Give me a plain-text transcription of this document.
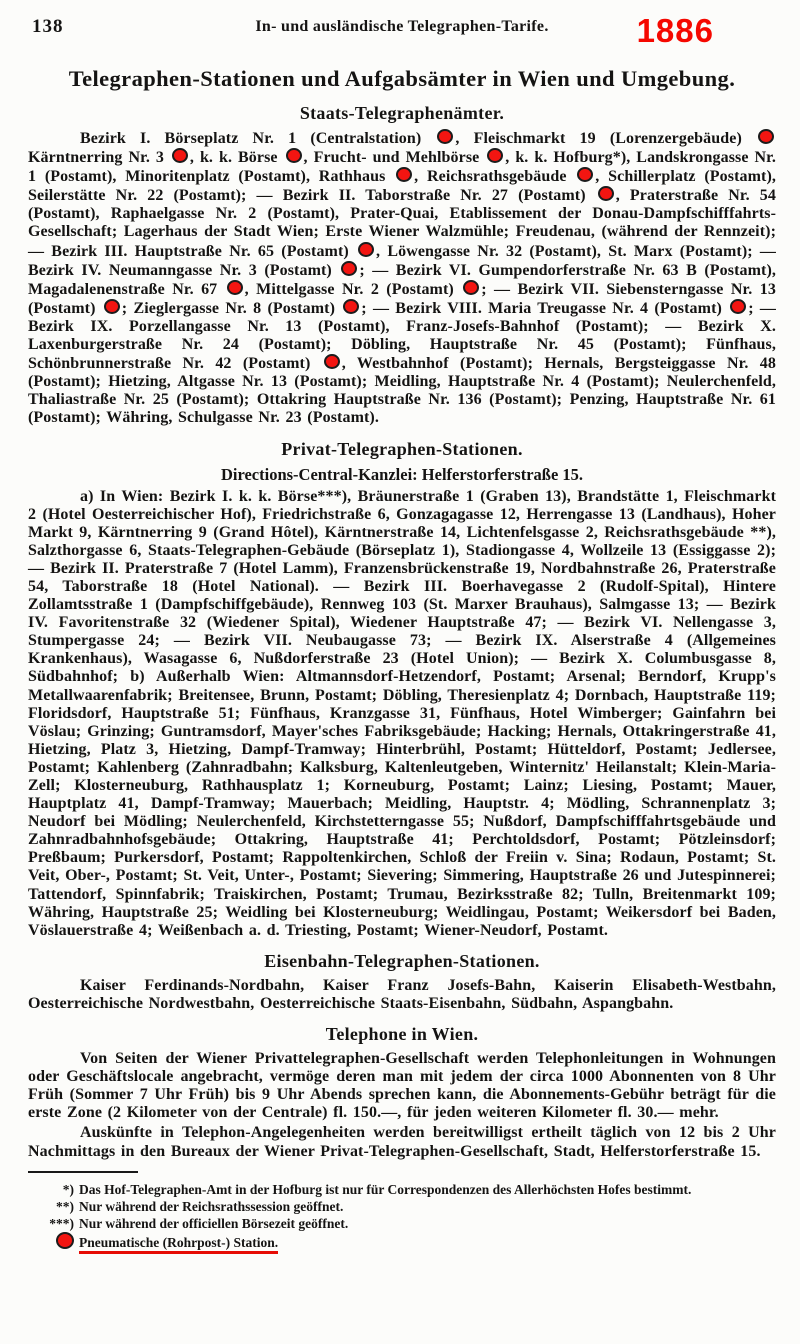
138	In- und ausländische Telegraphen-Tarife.	1886
Telegraphen-Stationen und Aufgabsämter in Wien und Umgebung.
Staats-Telegraphenämter.

Bezirk I. Börseplatz Nr. 1 (Centralstation) , Fleischmarkt 19 (Lorenzergebäude)  Kärntnerring Nr. 3 , k. k. Börse , Frucht- und Mehlbörse , k. k. Hofburg*), Landskrongasse Nr. 1 (Postamt), Minoritenplatz (Postamt), Rathhaus , Reichsrathsgebäude , Schillerplatz (Postamt), Seilerstätte Nr. 22 (Postamt); — Bezirk II. Taborstraße Nr. 27 (Postamt) , Praterstraße Nr. 54 (Postamt), Raphaelgasse Nr. 2 (Postamt), Prater-Quai, Etablissement der Donau-Dampfschifffahrts-Gesellschaft; Lagerhaus der Stadt Wien; Erste Wiener Walzmühle; Freudenau, (während der Rennzeit); — Bezirk III. Hauptstraße Nr. 65 (Postamt) , Löwengasse Nr. 32 (Postamt), St. Marx (Postamt); — Bezirk IV. Neumanngasse Nr. 3 (Postamt) ; — Bezirk VI. Gumpendorferstraße Nr. 63 B (Postamt), Magadalenenstraße Nr. 67 , Mittelgasse Nr. 2 (Postamt) ; — Bezirk VII. Siebensterngasse Nr. 13 (Postamt) ; Zieglergasse Nr. 8 (Postamt) ; — Bezirk VIII. Maria Treugasse Nr. 4 (Postamt) ; — Bezirk IX. Porzellangasse Nr. 13 (Postamt), Franz-Josefs-Bahnhof (Postamt); — Bezirk X. Laxenburgerstraße Nr. 24 (Postamt); Döbling, Hauptstraße Nr. 45 (Postamt); Fünfhaus, Schönbrunnerstraße Nr. 42 (Postamt) , Westbahnhof (Postamt); Hernals, Bergsteiggasse Nr. 48 (Postamt); Hietzing, Altgasse Nr. 13 (Postamt); Meidling, Hauptstraße Nr. 4 (Postamt); Neulerchenfeld, Thaliastraße Nr. 25 (Postamt); Ottakring Hauptstraße Nr. 136 (Postamt); Penzing, Hauptstraße Nr. 61 (Postamt); Währing, Schulgasse Nr. 23 (Postamt).

Privat-Telegraphen-Stationen.

Directions-Central-Kanzlei: Helferstorferstraße 15.

a) In Wien: Bezirk I. k. k. Börse***), Bräunerstraße 1 (Graben 13), Brandstätte 1, Fleischmarkt 2 (Hotel Oesterreichischer Hof), Friedrichstraße 6, Gonzagagasse 12, Herrengasse 13 (Landhaus), Hoher Markt 9, Kärntnerring 9 (Grand Hôtel), Kärntnerstraße 14, Lichtenfelsgasse 2, Reichsrathsgebäude **), Salzthorgasse 6, Staats-Telegraphen-Gebäude (Börseplatz 1), Stadiongasse 4, Wollzeile 13 (Essiggasse 2); — Bezirk II. Praterstraße 7 (Hotel Lamm), Franzensbrückenstraße 19, Nordbahnstraße 26, Praterstraße 54, Taborstraße 18 (Hotel National). — Bezirk III. Boerhavegasse 2 (Rudolf-Spital), Hintere Zollamtsstraße 1 (Dampfschiffgebäude), Rennweg 103 (St. Marxer Brauhaus), Salmgasse 13; — Bezirk IV. Favoritenstraße 32 (Wiedener Spital), Wiedener Hauptstraße 47; — Bezirk VI. Nellengasse 3, Stumpergasse 24; — Bezirk VII. Neubaugasse 73; — Bezirk IX. Alserstraße 4 (Allgemeines Krankenhaus), Wasagasse 6, Nußdorferstraße 23 (Hotel Union); — Bezirk X. Columbusgasse 8, Südbahnhof; b) Außerhalb Wien: Altmannsdorf-Hetzendorf, Postamt; Arsenal; Berndorf, Krupp's Metallwaarenfabrik; Breitensee, Brunn, Postamt; Döbling, Theresienplatz 4; Dornbach, Hauptstraße 119; Floridsdorf, Hauptstraße 51; Fünfhaus, Kranzgasse 31, Fünfhaus, Hotel Wimberger; Gainfahrn bei Vöslau; Grinzing; Guntramsdorf, Mayer'sches Fabriksgebäude; Hacking; Hernals, Ottakringerstraße 41, Hietzing, Platz 3, Hietzing, Dampf-Tramway; Hinterbrühl, Postamt; Hütteldorf, Postamt; Jedlersee, Postamt; Kahlenberg (Zahnradbahn; Kalksburg, Kaltenleutgeben, Winternitz' Heilanstalt; Klein-Maria-Zell; Klosterneuburg, Rathhausplatz 1; Korneuburg, Postamt; Lainz; Liesing, Postamt; Mauer, Hauptplatz 41, Dampf-Tramway; Mauerbach; Meidling, Hauptstr. 4; Mödling, Schrannenplatz 3; Neudorf bei Mödling; Neulerchenfeld, Kirchstetterngasse 55; Nußdorf, Dampfschifffahrtsgebäude und Zahnradbahnhofsgebäude; Ottakring, Hauptstraße 41; Perchtoldsdorf, Postamt; Pötzleinsdorf; Preßbaum; Purkersdorf, Postamt; Rappoltenkirchen, Schloß der Freiin v. Sina; Rodaun, Postamt; St. Veit, Ober-, Postamt; St. Veit, Unter-, Postamt; Sievering; Simmering, Hauptstraße 26 und Jutespinnerei; Tattendorf, Spinnfabrik; Traiskirchen, Postamt; Trumau, Bezirksstraße 82; Tulln, Breitenmarkt 109; Währing, Hauptstraße 25; Weidling bei Klosterneuburg; Weidlingau, Postamt; Weikersdorf bei Baden, Vöslauerstraße 4; Weißenbach a. d. Triesting, Postamt; Wiener-Neudorf, Postamt.

Eisenbahn-Telegraphen-Stationen.

Kaiser Ferdinands-Nordbahn, Kaiser Franz Josefs-Bahn, Kaiserin Elisabeth-Westbahn, Oesterreichische Nordwestbahn, Oesterreichische Staats-Eisenbahn, Südbahn, Aspangbahn.

Telephone in Wien.

Von Seiten der Wiener Privattelegraphen-Gesellschaft werden Telephonleitungen in Wohnungen oder Geschäftslocale angebracht, vermöge deren man mit jedem der circa 1000 Abonnenten von 8 Uhr Früh (Sommer 7 Uhr Früh) bis 9 Uhr Abends sprechen kann, die Abonnements-Gebühr beträgt für die erste Zone (2 Kilometer von der Centrale) fl. 150.—, für jeden weiteren Kilometer fl. 30.— mehr.

Auskünfte in Telephon-Angelegenheiten werden bereitwilligst ertheilt täglich von 12 bis 2 Uhr Nachmittags in den Bureaux der Wiener Privat-Telegraphen-Gesellschaft, Stadt, Helferstorferstraße 15.

*) Das Hof-Telegraphen-Amt in der Hofburg ist nur für Correspondenzen des Allerhöchsten Hofes bestimmt.
**) Nur während der Reichsrathssession geöffnet.
***) Nur während der officiellen Börsezeit geöffnet.
Pneumatische (Rohrpost-) Station.
